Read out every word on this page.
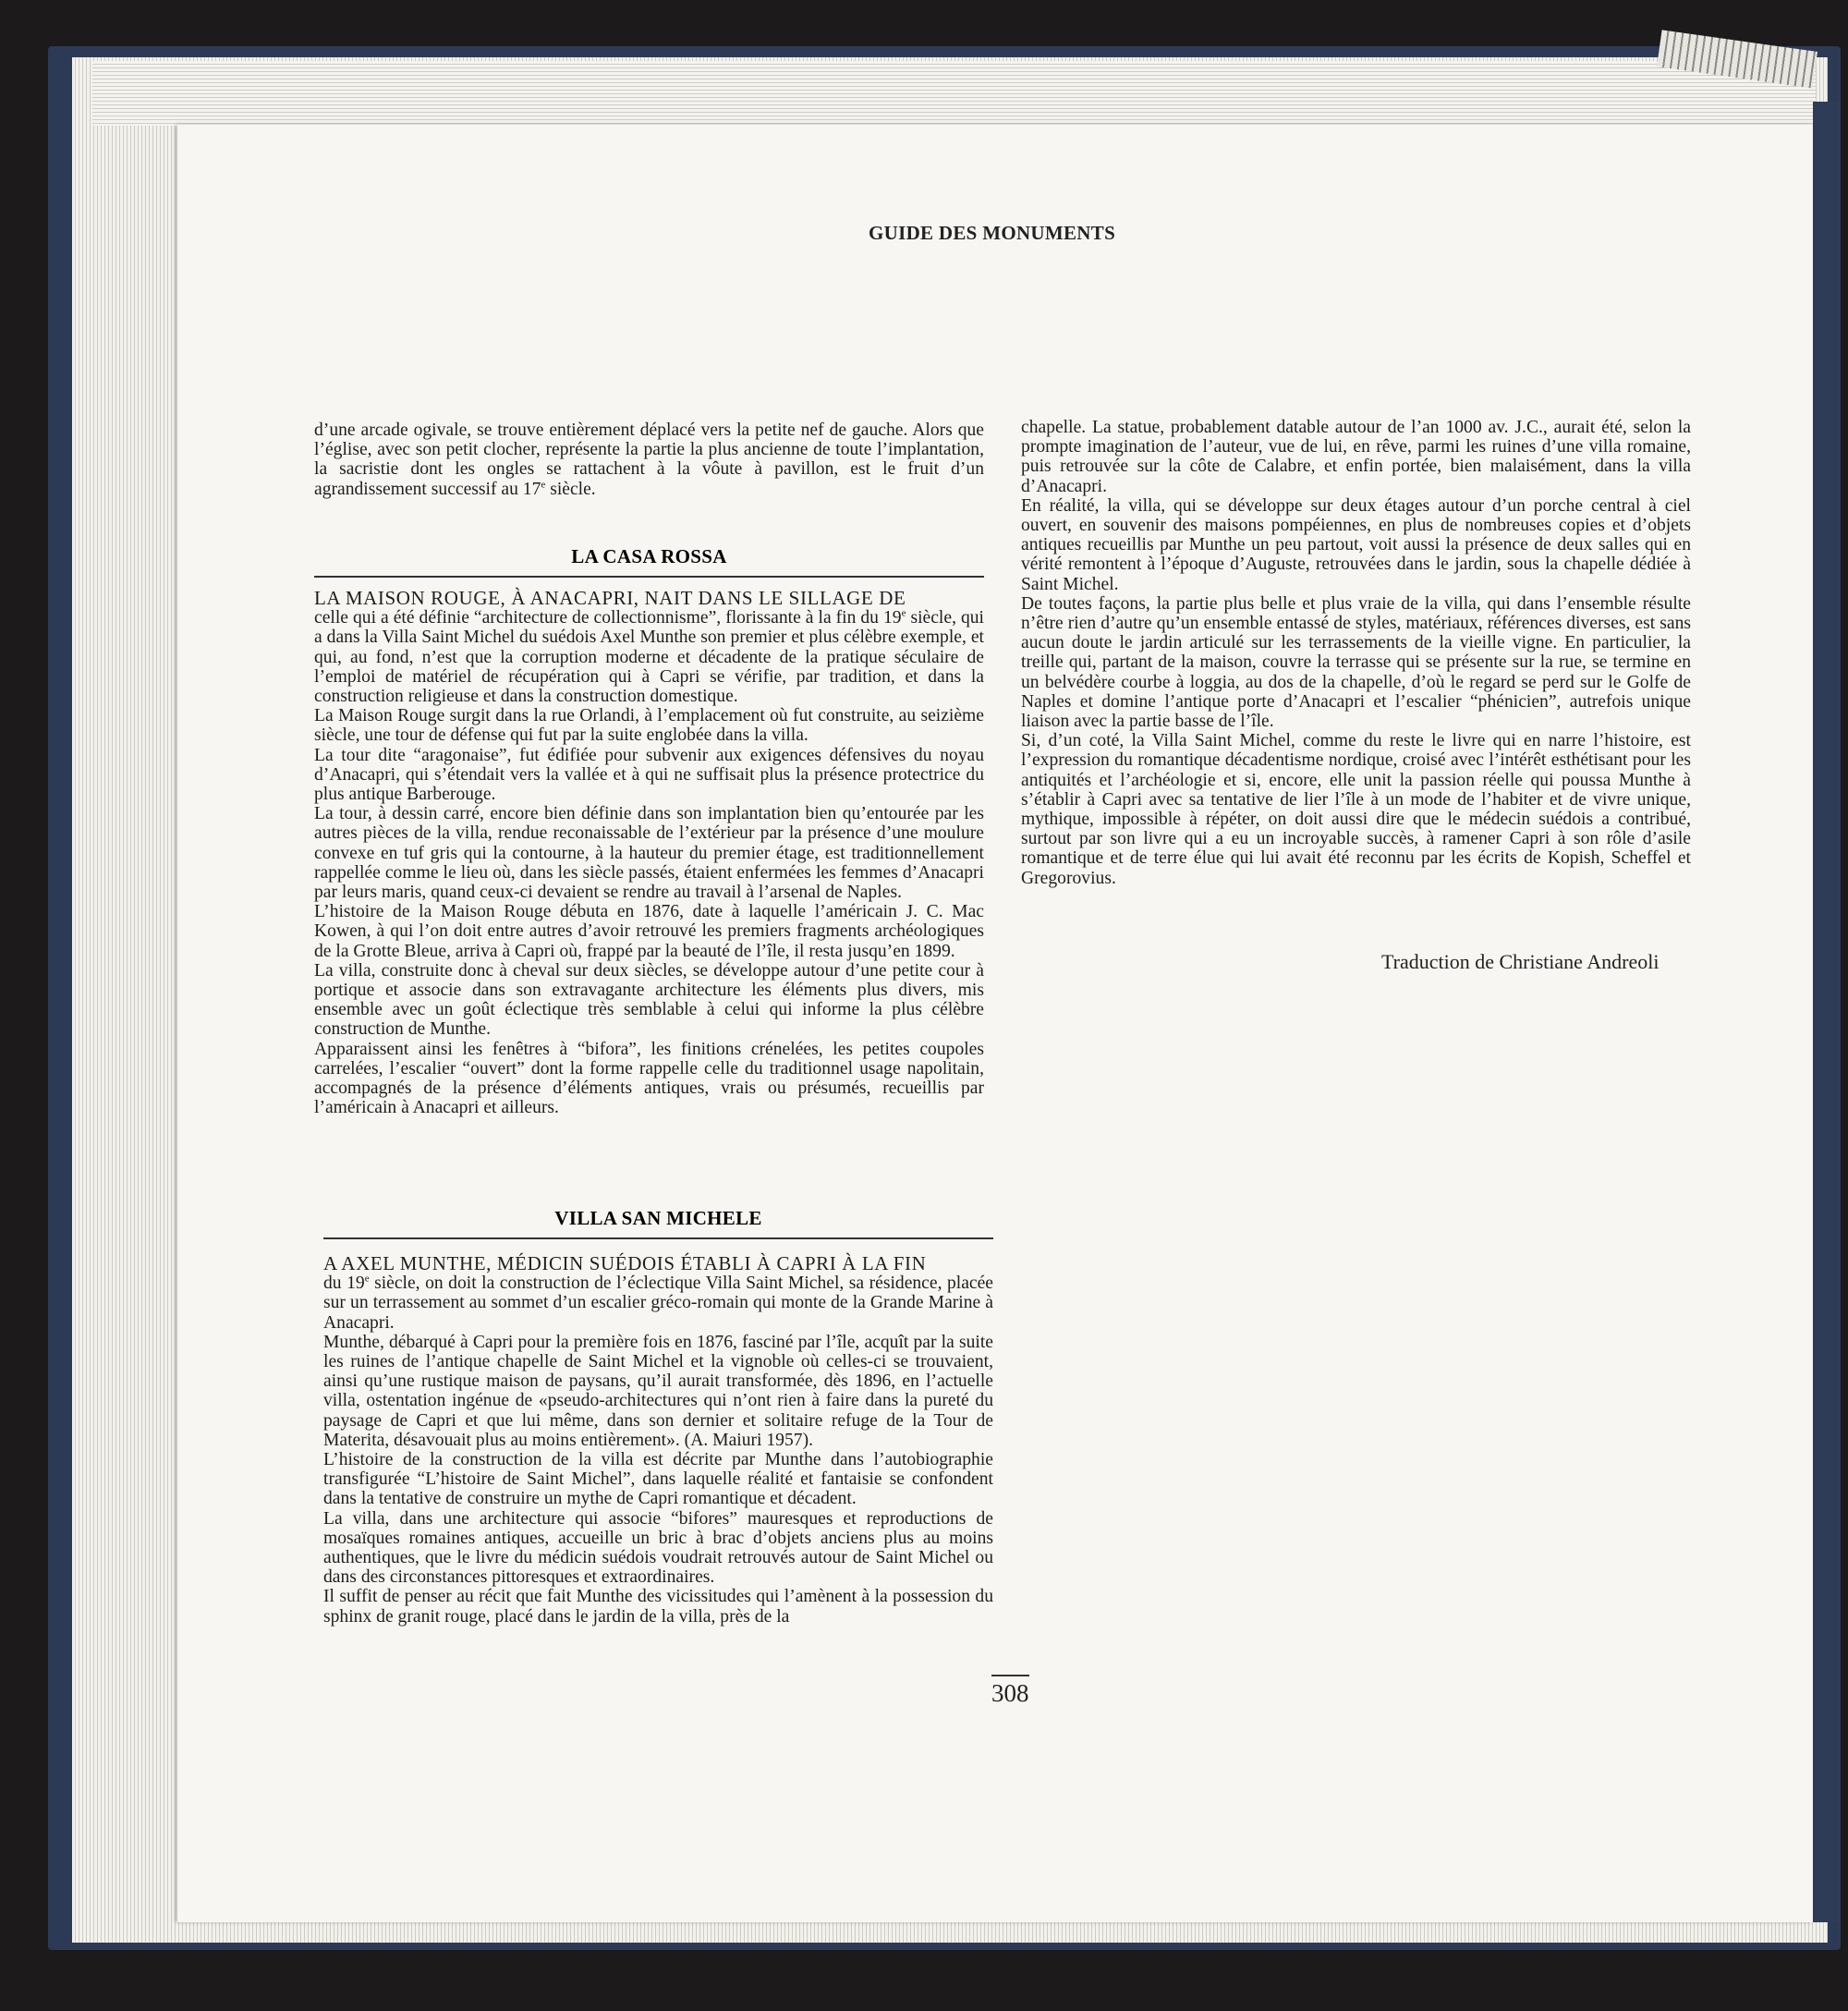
GUIDE DES MONUMENTS

d’une arcade ogivale, se trouve entièrement déplacé vers la petite nef de gauche. Alors que l’église, avec son petit clocher, représente la partie la plus ancienne de toute l’implantation, la sacristie dont les ongles se rattachent à la vôute à pavillon, est le fruit d’un agrandissement successif au 17e siècle.

LA CASA ROSSA

LA MAISON ROUGE, À ANACAPRI, NAIT DANS LE SILLAGE DE

celle qui a été définie “architecture de collectionnisme”, florissante à la fin du 19e siècle, qui a dans la Villa Saint Michel du suédois Axel Munthe son premier et plus célèbre exemple, et qui, au fond, n’est que la corruption moderne et décadente de la pratique séculaire de l’emploi de matériel de récupération qui à Capri se vérifie, par tradition, et dans la construction religieuse et dans la construction domestique.

La Maison Rouge surgit dans la rue Orlandi, à l’emplacement où fut construite, au seizième siècle, une tour de défense qui fut par la suite englobée dans la villa.

La tour dite “aragonaise”, fut édifiée pour subvenir aux exigences défensives du noyau d’Anacapri, qui s’étendait vers la vallée et à qui ne suffisait plus la présence protectrice du plus antique Barberouge.

La tour, à dessin carré, encore bien définie dans son implantation bien qu’entourée par les autres pièces de la villa, rendue reconaissable de l’extérieur par la présence d’une moulure convexe en tuf gris qui la contourne, à la hauteur du premier étage, est traditionnellement rappellée comme le lieu où, dans les siècle passés, étaient enfermées les femmes d’Anacapri par leurs maris, quand ceux-ci devaient se rendre au travail à l’arsenal de Naples.

L’histoire de la Maison Rouge débuta en 1876, date à laquelle l’américain J. C. Mac Kowen, à qui l’on doit entre autres d’avoir retrouvé les premiers fragments archéologiques de la Grotte Bleue, arriva à Capri où, frappé par la beauté de l’île, il resta jusqu’en 1899.

La villa, construite donc à cheval sur deux siècles, se développe autour d’une petite cour à portique et associe dans son extravagante architecture les éléments plus divers, mis ensemble avec un goût éclectique très semblable à celui qui informe la plus célèbre construction de Munthe.

Apparaissent ainsi les fenêtres à “bifora”, les finitions crénelées, les petites coupoles carrelées, l’escalier “ouvert” dont la forme rappelle celle du traditionnel usage napolitain, accompagnés de la présence d’éléments antiques, vrais ou présumés, recueillis par l’américain à Anacapri et ailleurs.

VILLA SAN MICHELE

A AXEL MUNTHE, MÉDICIN SUÉDOIS ÉTABLI À CAPRI À LA FIN

du 19e siècle, on doit la construction de l’éclectique Villa Saint Michel, sa résidence, placée sur un terrassement au sommet d’un escalier gréco-romain qui monte de la Grande Marine à Anacapri.

Munthe, débarqué à Capri pour la première fois en 1876, fasciné par l’île, acquît par la suite les ruines de l’antique chapelle de Saint Michel et la vignoble où celles-ci se trouvaient, ainsi qu’une rustique maison de paysans, qu’il aurait transformée, dès 1896, en l’actuelle villa, ostentation ingénue de «pseudo-architectures qui n’ont rien à faire dans la pureté du paysage de Capri et que lui même, dans son dernier et solitaire refuge de la Tour de Materita, désavouait plus au moins entièrement». (A. Maiuri 1957).

L’histoire de la construction de la villa est décrite par Munthe dans l’autobiographie transfigurée “L’histoire de Saint Michel”, dans laquelle réalité et fantaisie se confondent dans la tentative de construire un mythe de Capri romantique et décadent.

La villa, dans une architecture qui associe “bifores” mauresques et reproductions de mosaïques romaines antiques, accueille un bric à brac d’objets anciens plus au moins authentiques, que le livre du médicin suédois voudrait retrouvés autour de Saint Michel ou dans des circonstances pittoresques et extraordinaires.

Il suffit de penser au récit que fait Munthe des vicissitudes qui l’amènent à la possession du sphinx de granit rouge, placé dans le jardin de la villa, près de la

chapelle. La statue, probablement datable autour de l’an 1000 av. J.C., aurait été, selon la prompte imagination de l’auteur, vue de lui, en rêve, parmi les ruines d’une villa romaine, puis retrouvée sur la côte de Calabre, et enfin portée, bien malaisément, dans la villa d’Anacapri.

En réalité, la villa, qui se développe sur deux étages autour d’un porche central à ciel ouvert, en souvenir des maisons pompéiennes, en plus de nombreuses copies et d’objets antiques recueillis par Munthe un peu partout, voit aussi la présence de deux salles qui en vérité remontent à l’époque d’Auguste, retrouvées dans le jardin, sous la chapelle dédiée à Saint Michel.

De toutes façons, la partie plus belle et plus vraie de la villa, qui dans l’ensemble résulte n’être rien d’autre qu’un ensemble entassé de styles, matériaux, références diverses, est sans aucun doute le jardin articulé sur les terrassements de la vieille vigne. En particulier, la treille qui, partant de la maison, couvre la terrasse qui se présente sur la rue, se termine en un belvédère courbe à loggia, au dos de la chapelle, d’où le regard se perd sur le Golfe de Naples et domine l’antique porte d’Anacapri et l’escalier “phénicien”, autrefois unique liaison avec la partie basse de l’île.

Si, d’un coté, la Villa Saint Michel, comme du reste le livre qui en narre l’histoire, est l’expression du romantique décadentisme nordique, croisé avec l’intérêt esthétisant pour les antiquités et l’archéologie et si, encore, elle unit la passion réelle qui poussa Munthe à s’établir à Capri avec sa tentative de lier l’île à un mode de l’habiter et de vivre unique, mythique, impossible à répéter, on doit aussi dire que le médecin suédois a contribué, surtout par son livre qui a eu un incroyable succès, à ramener Capri à son rôle d’asile romantique et de terre élue qui lui avait été reconnu par les écrits de Kopish, Scheffel et Gregorovius.

Traduction de Christiane Andreoli
308
